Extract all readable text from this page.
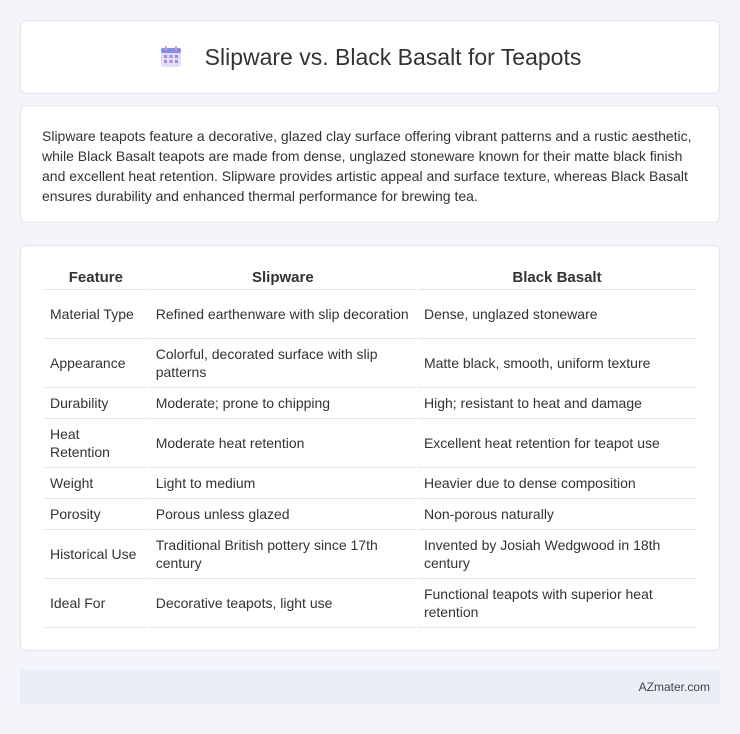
Slipware vs. Black Basalt for Teapots

Slipware teapots feature a decorative, glazed clay surface offering vibrant patterns and a rustic aesthetic, while Black Basalt teapots are made from dense, unglazed stoneware known for their matte black finish and excellent heat retention. Slipware provides artistic appeal and surface texture, whereas Black Basalt ensures durability and enhanced thermal performance for brewing tea.

Feature	Slipware	Black Basalt
Material Type	Refined earthenware with slip decoration	Dense, unglazed stoneware
Appearance	Colorful, decorated surface with slip patterns	Matte black, smooth, uniform texture
Durability	Moderate; prone to chipping	High; resistant to heat and damage
Heat Retention	Moderate heat retention	Excellent heat retention for teapot use
Weight	Light to medium	Heavier due to dense composition
Porosity	Porous unless glazed	Non-porous naturally
Historical Use	Traditional British pottery since 17th century	Invented by Josiah Wedgwood in 18th century
Ideal For	Decorative teapots, light use	Functional teapots with superior heat retention
AZmater.com
